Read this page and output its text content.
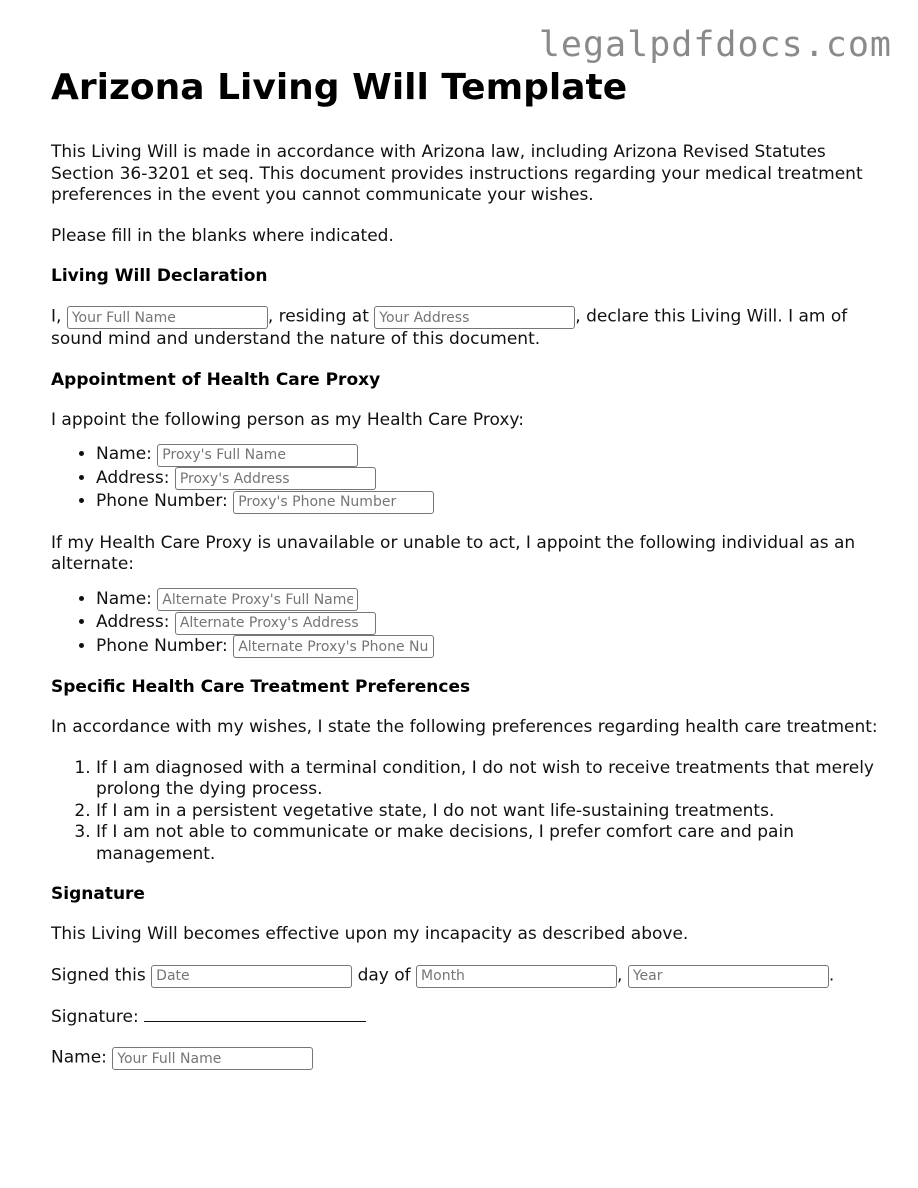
legalpdfdocs.com
Arizona Living Will Template

This Living Will is made in accordance with Arizona law, including Arizona Revised Statutes Section 36-3201 et seq. This document provides instructions regarding your medical treatment preferences in the event you cannot communicate your wishes.

Please fill in the blanks where indicated.

Living Will Declaration

I, Your Full Name	, residing at Your Address	, declare this Living Will. I am of sound mind and understand the nature of this document.

Appointment of Health Care Proxy

I appoint the following person as my Health Care Proxy:

• Name: Proxy's Full Name
• Address: Proxy's Address
• Phone Number: Proxy's Phone Number

If my Health Care Proxy is unavailable or unable to act, I appoint the following individual as an alternate:

• Name: Alternate Proxy's Full Name
• Address: Alternate Proxy's Address
• Phone Number: Alternate Proxy's Phone Number
Specific Health Care Treatment Preferences

In accordance with my wishes, I state the following preferences regarding health care treatment:

1. If I am diagnosed with a terminal condition, I do not wish to receive treatments that merely prolong the dying process.
2. If I am in a persistent vegetative state, I do not want life-sustaining treatments.
3. If I am not able to communicate or make decisions, I prefer comfort care and pain management.
Signature

This Living Will becomes effective upon my incapacity as described above.

Signed this Date	day of Month	, Year	.

Signature:

Name: Your Full Name
